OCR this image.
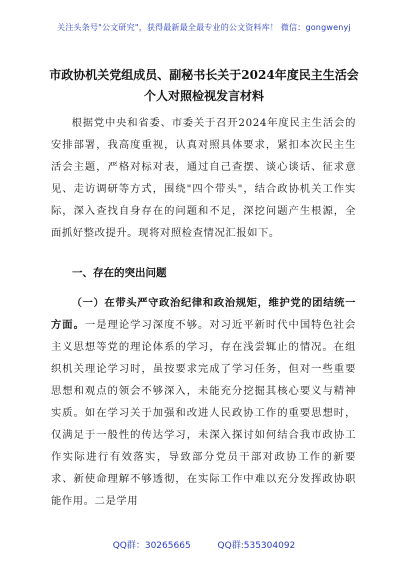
关注头条号"公文研究"，获得最新最全最专业的公文资料库！ 微信：gongwenyj
市政协机关党组成员、副秘书长关于2024年度民主生活会
个人对照检视发言材料
根据党中央和省委、市委关于召开2024年度民主生活会的安排部署，我高度重视，认真对照具体要求，紧扣本次民主生活会主题，严格对标对表，通过自己查摆、谈心谈话、征求意见、走访调研等方式，围绕"四个带头"，结合政协机关工作实际，深入查找自身存在的问题和不足，深挖问题产生根源，全面抓好整改提升。现将对照检查情况汇报如下。
一、存在的突出问题
（一）在带头严守政治纪律和政治规矩，维护党的团结统一方面。一是理论学习深度不够。对习近平新时代中国特色社会主义思想等党的理论体系的学习，存在浅尝辄止的情况。在组织机关理论学习时，虽按要求完成了学习任务，但对一些重要思想和观点的领会不够深入，未能充分挖掘其核心要义与精神实质。如在学习关于加强和改进人民政协工作的重要思想时，仅满足于一般性的传达学习，未深入探讨如何结合我市政协工作实际进行有效落实，导致部分党员干部对政协工作的新要求、新使命理解不够透彻，在实际工作中难以充分发挥政协职能作用。二是学用
QQ群：30265665	QQ群:535304092
